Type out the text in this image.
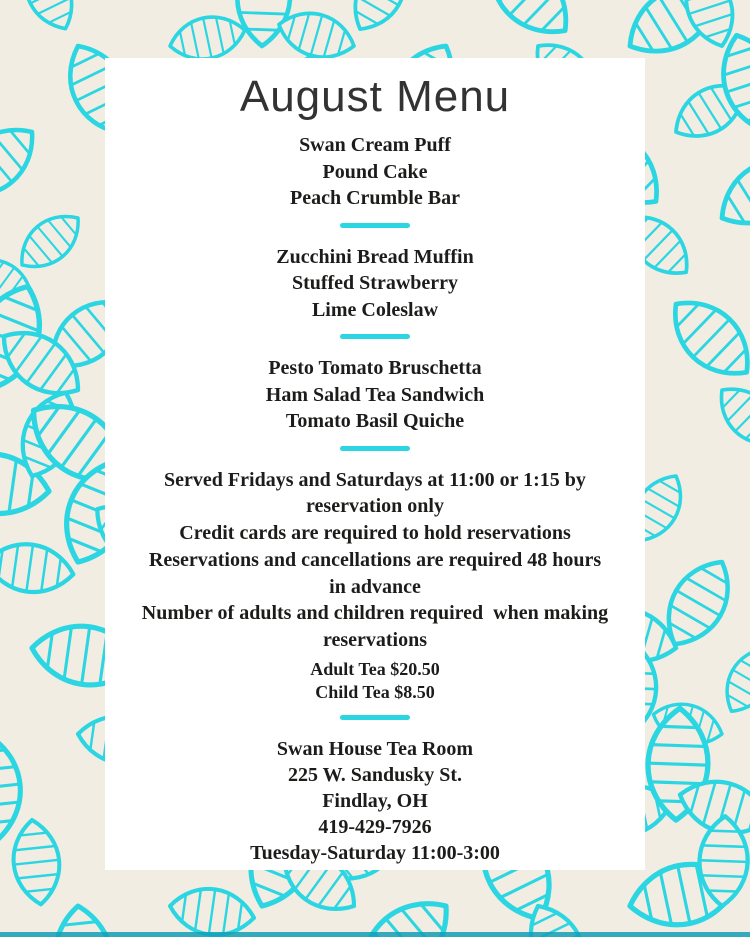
August Menu
Swan Cream Puff
Pound Cake
Peach Crumble Bar
Zucchini Bread Muffin
Stuffed Strawberry
Lime Coleslaw
Pesto Tomato Bruschetta
Ham Salad Tea Sandwich
Tomato Basil Quiche
Served Fridays and Saturdays at 11:00 or 1:15 by reservation only
Credit cards are required to hold reservations
Reservations and cancellations are required 48 hours in advance
Number of adults and children required  when making reservations
Adult Tea $20.50
Child Tea $8.50
Swan House Tea Room
225 W. Sandusky St.
Findlay, OH
419-429-7926
Tuesday-Saturday 11:00-3:00
